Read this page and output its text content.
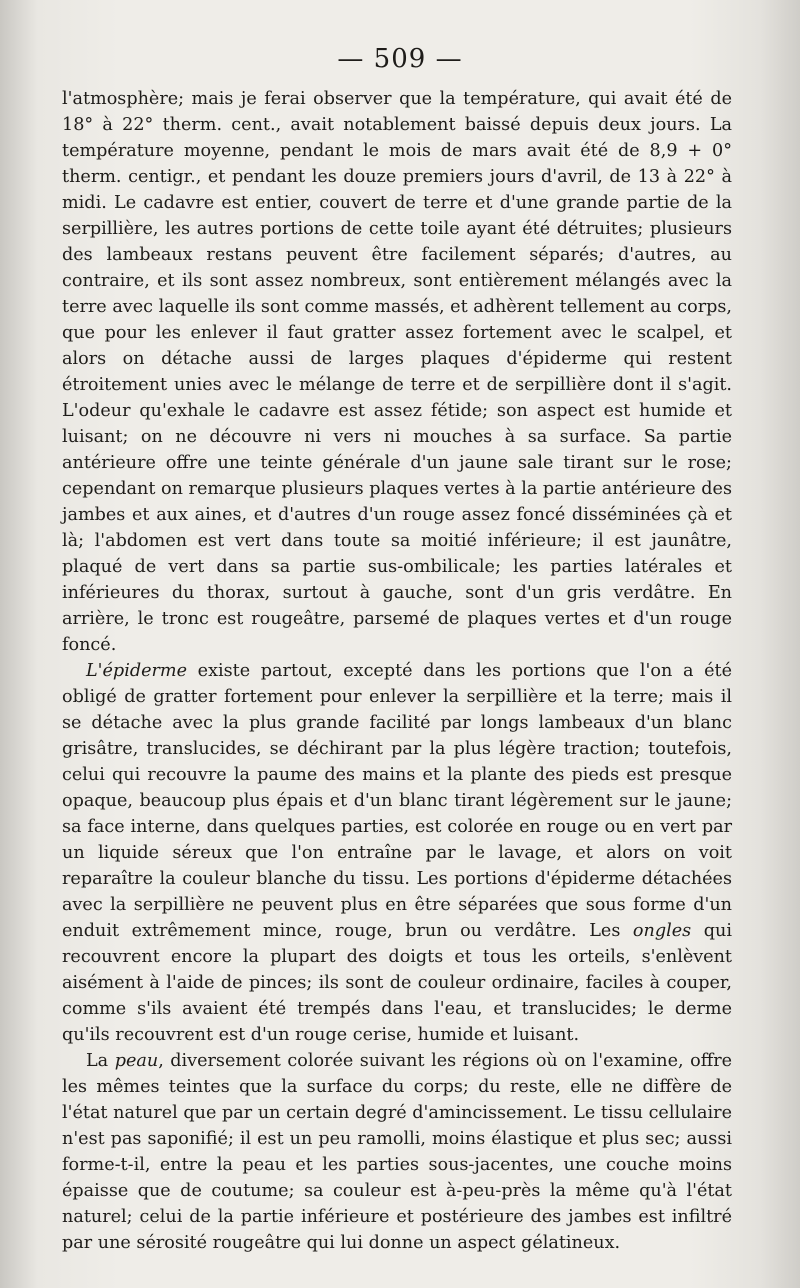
— 509 —

l'atmosphère; mais je ferai observer que la température, qui avait été de 18° à 22° therm. cent., avait notablement baissé depuis deux jours. La température moyenne, pendant le mois de mars avait été de 8,9 + 0° therm. centigr., et pendant les douze premiers jours d'avril, de 13 à 22° à midi. Le cadavre est entier, couvert de terre et d'une grande partie de la serpillière, les autres portions de cette toile ayant été détruites; plusieurs des lambeaux restans peuvent être facilement séparés; d'autres, au contraire, et ils sont assez nombreux, sont entièrement mélangés avec la terre avec laquelle ils sont comme massés, et adhèrent tellement au corps, que pour les enlever il faut gratter assez fortement avec le scalpel, et alors on détache aussi de larges plaques d'épiderme qui restent étroitement unies avec le mélange de terre et de serpillière dont il s'agit. L'odeur qu'exhale le cadavre est assez fétide; son aspect est humide et luisant; on ne découvre ni vers ni mouches à sa surface. Sa partie antérieure offre une teinte générale d'un jaune sale tirant sur le rose; cependant on remarque plusieurs plaques vertes à la partie antérieure des jambes et aux aines, et d'autres d'un rouge assez foncé disséminées çà et là; l'abdomen est vert dans toute sa moitié inférieure; il est jaunâtre, plaqué de vert dans sa partie sus-ombilicale; les parties latérales et inférieures du thorax, surtout à gauche, sont d'un gris verdâtre. En arrière, le tronc est rougeâtre, parsemé de plaques vertes et d'un rouge foncé.

L'épiderme existe partout, excepté dans les portions que l'on a été obligé de gratter fortement pour enlever la serpillière et la terre; mais il se détache avec la plus grande facilité par longs lambeaux d'un blanc grisâtre, translucides, se déchirant par la plus légère traction; toutefois, celui qui recouvre la paume des mains et la plante des pieds est presque opaque, beaucoup plus épais et d'un blanc tirant légèrement sur le jaune; sa face interne, dans quelques parties, est colorée en rouge ou en vert par un liquide séreux que l'on entraîne par le lavage, et alors on voit reparaître la couleur blanche du tissu. Les portions d'épiderme détachées avec la serpillière ne peuvent plus en être séparées que sous forme d'un enduit extrêmement mince, rouge, brun ou verdâtre. Les ongles qui recouvrent encore la plupart des doigts et tous les orteils, s'enlèvent aisément à l'aide de pinces; ils sont de couleur ordinaire, faciles à couper, comme s'ils avaient été trempés dans l'eau, et translucides; le derme qu'ils recouvrent est d'un rouge cerise, humide et luisant.

La peau, diversement colorée suivant les régions où on l'examine, offre les mêmes teintes que la surface du corps; du reste, elle ne diffère de l'état naturel que par un certain degré d'amincissement. Le tissu cellulaire n'est pas saponifié; il est un peu ramolli, moins élastique et plus sec; aussi forme-t-il, entre la peau et les parties sous-jacentes, une couche moins épaisse que de coutume; sa couleur est à-peu-près la même qu'à l'état naturel; celui de la partie inférieure et postérieure des jambes est infiltré par une sérosité rougeâtre qui lui donne un aspect gélatineux.
